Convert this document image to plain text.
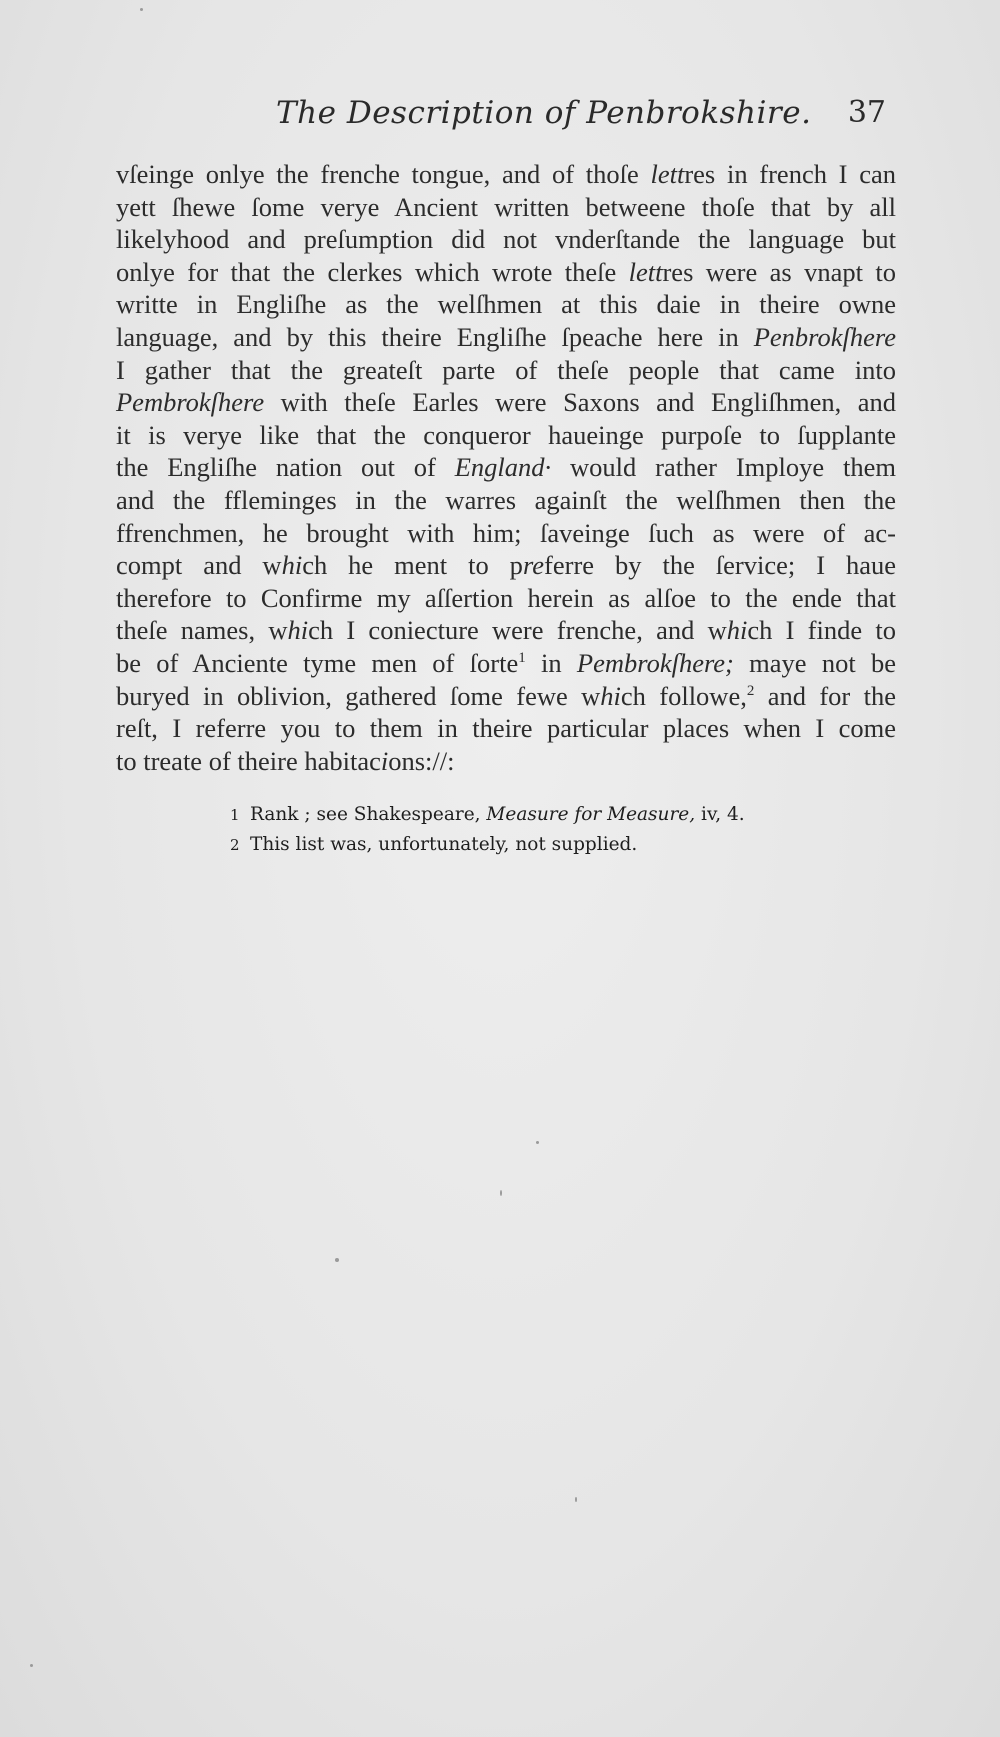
The Description of Penbrokshire. 37
vſeinge onlye the frenche tongue, and of thoſe lettres in french I can
yett ſhewe ſome verye Ancient written betweene thoſe that by all
likelyhood and preſumption did not vnderſtande the language but
onlye for that the clerkes which wrote theſe lettres were as vnapt to
writte in Engliſhe as the welſhmen at this daie in theire owne
language, and by this theire Engliſhe ſpeache here in Penbrokſhere
I gather that the greateſt parte of theſe people that came into
Pembrokſhere with theſe Earles were Saxons and Engliſhmen, and
it is verye like that the conqueror haueinge purpoſe to ſupplante
the Engliſhe nation out of England· would rather Imploye them
and the ffleminges in the warres againſt the welſhmen then the
ffrenchmen, he brought with him; ſaveinge ſuch as were of ac-
compt and which he ment to preferre by the ſervice; I haue
therefore to Confirme my aſſertion herein as alſoe to the ende that
theſe names, which I coniecture were frenche, and which I finde to
be of Anciente tyme men of ſorte$^1$ in Pembrokſhere; maye not be
buryed in oblivion, gathered ſome fewe which followe,$^2$ and for the
reſt, I referre you to them in theire particular places when I come
to treate of theire habitacions://:
1 Rank ; see Shakespeare, Measure for Measure, iv, 4.
2 This list was, unfortunately, not supplied.
